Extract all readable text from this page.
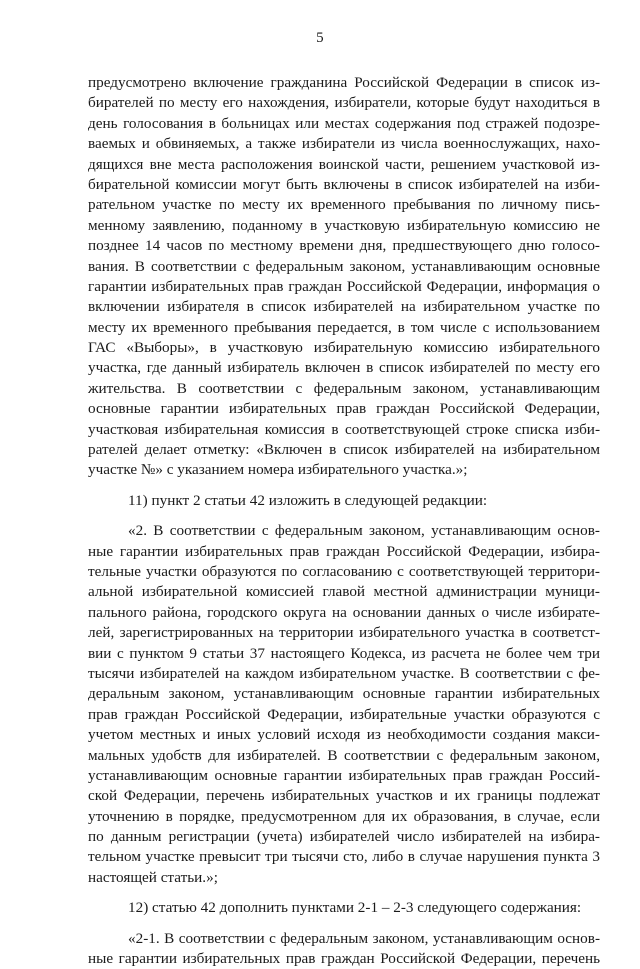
5
предусмотрено включение гражданина Российской Федерации в список из-
бирателей по месту его нахождения, избиратели, которые будут находиться в
день голосования в больницах или местах содержания под стражей подозре-
ваемых и обвиняемых, а также избиратели из числа военнослужащих, нахо-
дящихся вне места расположения воинской части, решением участковой из-
бирательной комиссии могут быть включены в список избирателей на изби-
рательном участке по месту их временного пребывания по личному пись-
менному заявлению, поданному в участковую избирательную комиссию не
позднее 14 часов по местному времени дня, предшествующего дню голосо-
вания. В соответствии с федеральным законом, устанавливающим основные
гарантии избирательных прав граждан Российской Федерации, информация о
включении избирателя в список избирателей на избирательном участке по
месту их временного пребывания передается, в том числе с использованием
ГАС «Выборы», в участковую избирательную комиссию избирательного
участка, где данный избиратель включен в список избирателей по месту его
жительства. В соответствии с федеральным законом, устанавливающим
основные гарантии избирательных прав граждан Российской Федерации,
участковая избирательная комиссия в соответствующей строке списка изби-
рателей делает отметку: «Включен в список избирателей на избирательном
участке №» с указанием номера избирательного участка.»;
11) пункт 2 статьи 42 изложить в следующей редакции:
«2. В соответствии с федеральным законом, устанавливающим основ-
ные гарантии избирательных прав граждан Российской Федерации, избира-
тельные участки образуются по согласованию с соответствующей территори-
альной избирательной комиссией главой местной администрации муници-
пального района, городского округа на основании данных о числе избирате-
лей, зарегистрированных на территории избирательного участка в соответст-
вии с пунктом 9 статьи 37 настоящего Кодекса, из расчета не более чем три
тысячи избирателей на каждом избирательном участке. В соответствии с фе-
деральным законом, устанавливающим основные гарантии избирательных
прав граждан Российской Федерации, избирательные участки образуются с
учетом местных и иных условий исходя из необходимости создания макси-
мальных удобств для избирателей. В соответствии с федеральным законом,
устанавливающим основные гарантии избирательных прав граждан Россий-
ской Федерации, перечень избирательных участков и их границы подлежат
уточнению в порядке, предусмотренном для их образования, в случае, если
по данным регистрации (учета) избирателей число избирателей на избира-
тельном участке превысит три тысячи сто, либо в случае нарушения пункта 3
настоящей статьи.»;
12) статью 42 дополнить пунктами 2-1 – 2-3 следующего содержания:
«2-1. В соответствии с федеральным законом, устанавливающим основ-
ные гарантии избирательных прав граждан Российской Федерации, перечень
